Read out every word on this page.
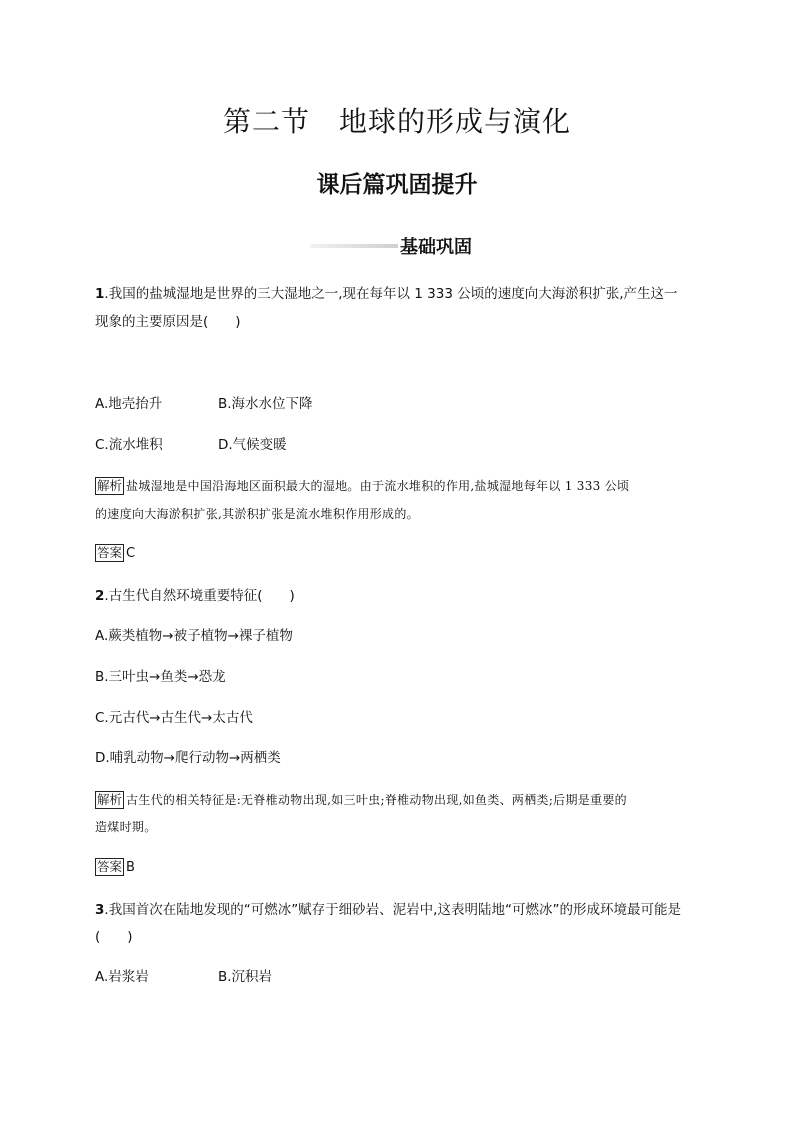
第二节　地球的形成与演化
课后篇巩固提升
基础巩固
1.我国的盐城湿地是世界的三大湿地之一,现在每年以 1 333 公顷的速度向大海淤积扩张,产生这一
现象的主要原因是(　　)
A.地壳抬升	B.海水水位下降
C.流水堆积	D.气候变暖
解析 盐城湿地是中国沿海地区面积最大的湿地。由于流水堆积的作用,盐城湿地每年以 1 333 公顷
的速度向大海淤积扩张,其淤积扩张是流水堆积作用形成的。
答案 C
2.古生代自然环境重要特征(　　)
A.蕨类植物→被子植物→裸子植物
B.三叶虫→鱼类→恐龙
C.元古代→古生代→太古代
D.哺乳动物→爬行动物→两栖类
解析 古生代的相关特征是:无脊椎动物出现,如三叶虫;脊椎动物出现,如鱼类、两栖类;后期是重要的
造煤时期。
答案 B
3.我国首次在陆地发现的“可燃冰”赋存于细砂岩、泥岩中,这表明陆地“可燃冰”的形成环境最可能是
(　　)
A.岩浆岩	B.沉积岩
